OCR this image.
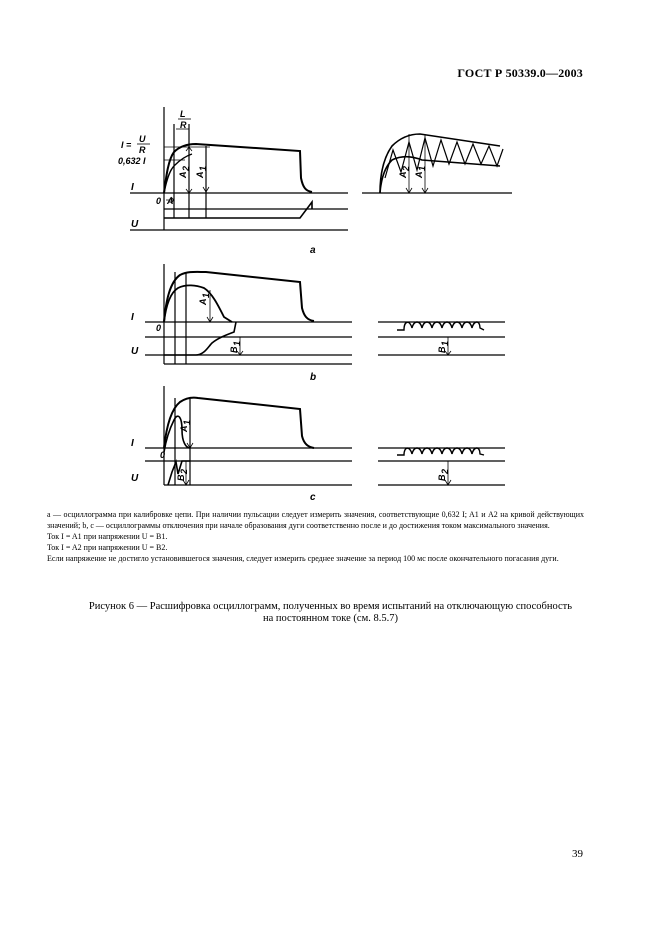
ГОСТ Р 50339.0—2003
L
R
I =
U
R
0,632 I
I
U
0 A
A
2
A
1
A
2
A
1
a
I
U
0
A
1
B
1
B
1
b
I
U
0
A
1
B
2
B
2
c

a — осциллограмма при калибровке цепи. При наличии пульсации следует измерить значения, соответствующие 0,632 I; A1 и A2 на кривой действующих значений; b, c — осциллограммы отключения при начале образования дуги соответственно после и до достижения током максимального значения.

Ток I = A1 при напряжении U = B1.

Ток I = A2 при напряжении U = B2.

Если напряжение не достигло установившегося значения, следует измерить среднее значение за период 100 мс после окончательного погасания дуги.

Рисунок 6 — Расшифровка осциллограмм, полученных во время испытаний на отключающую способность
на постоянном токе (см. 8.5.7)
39
